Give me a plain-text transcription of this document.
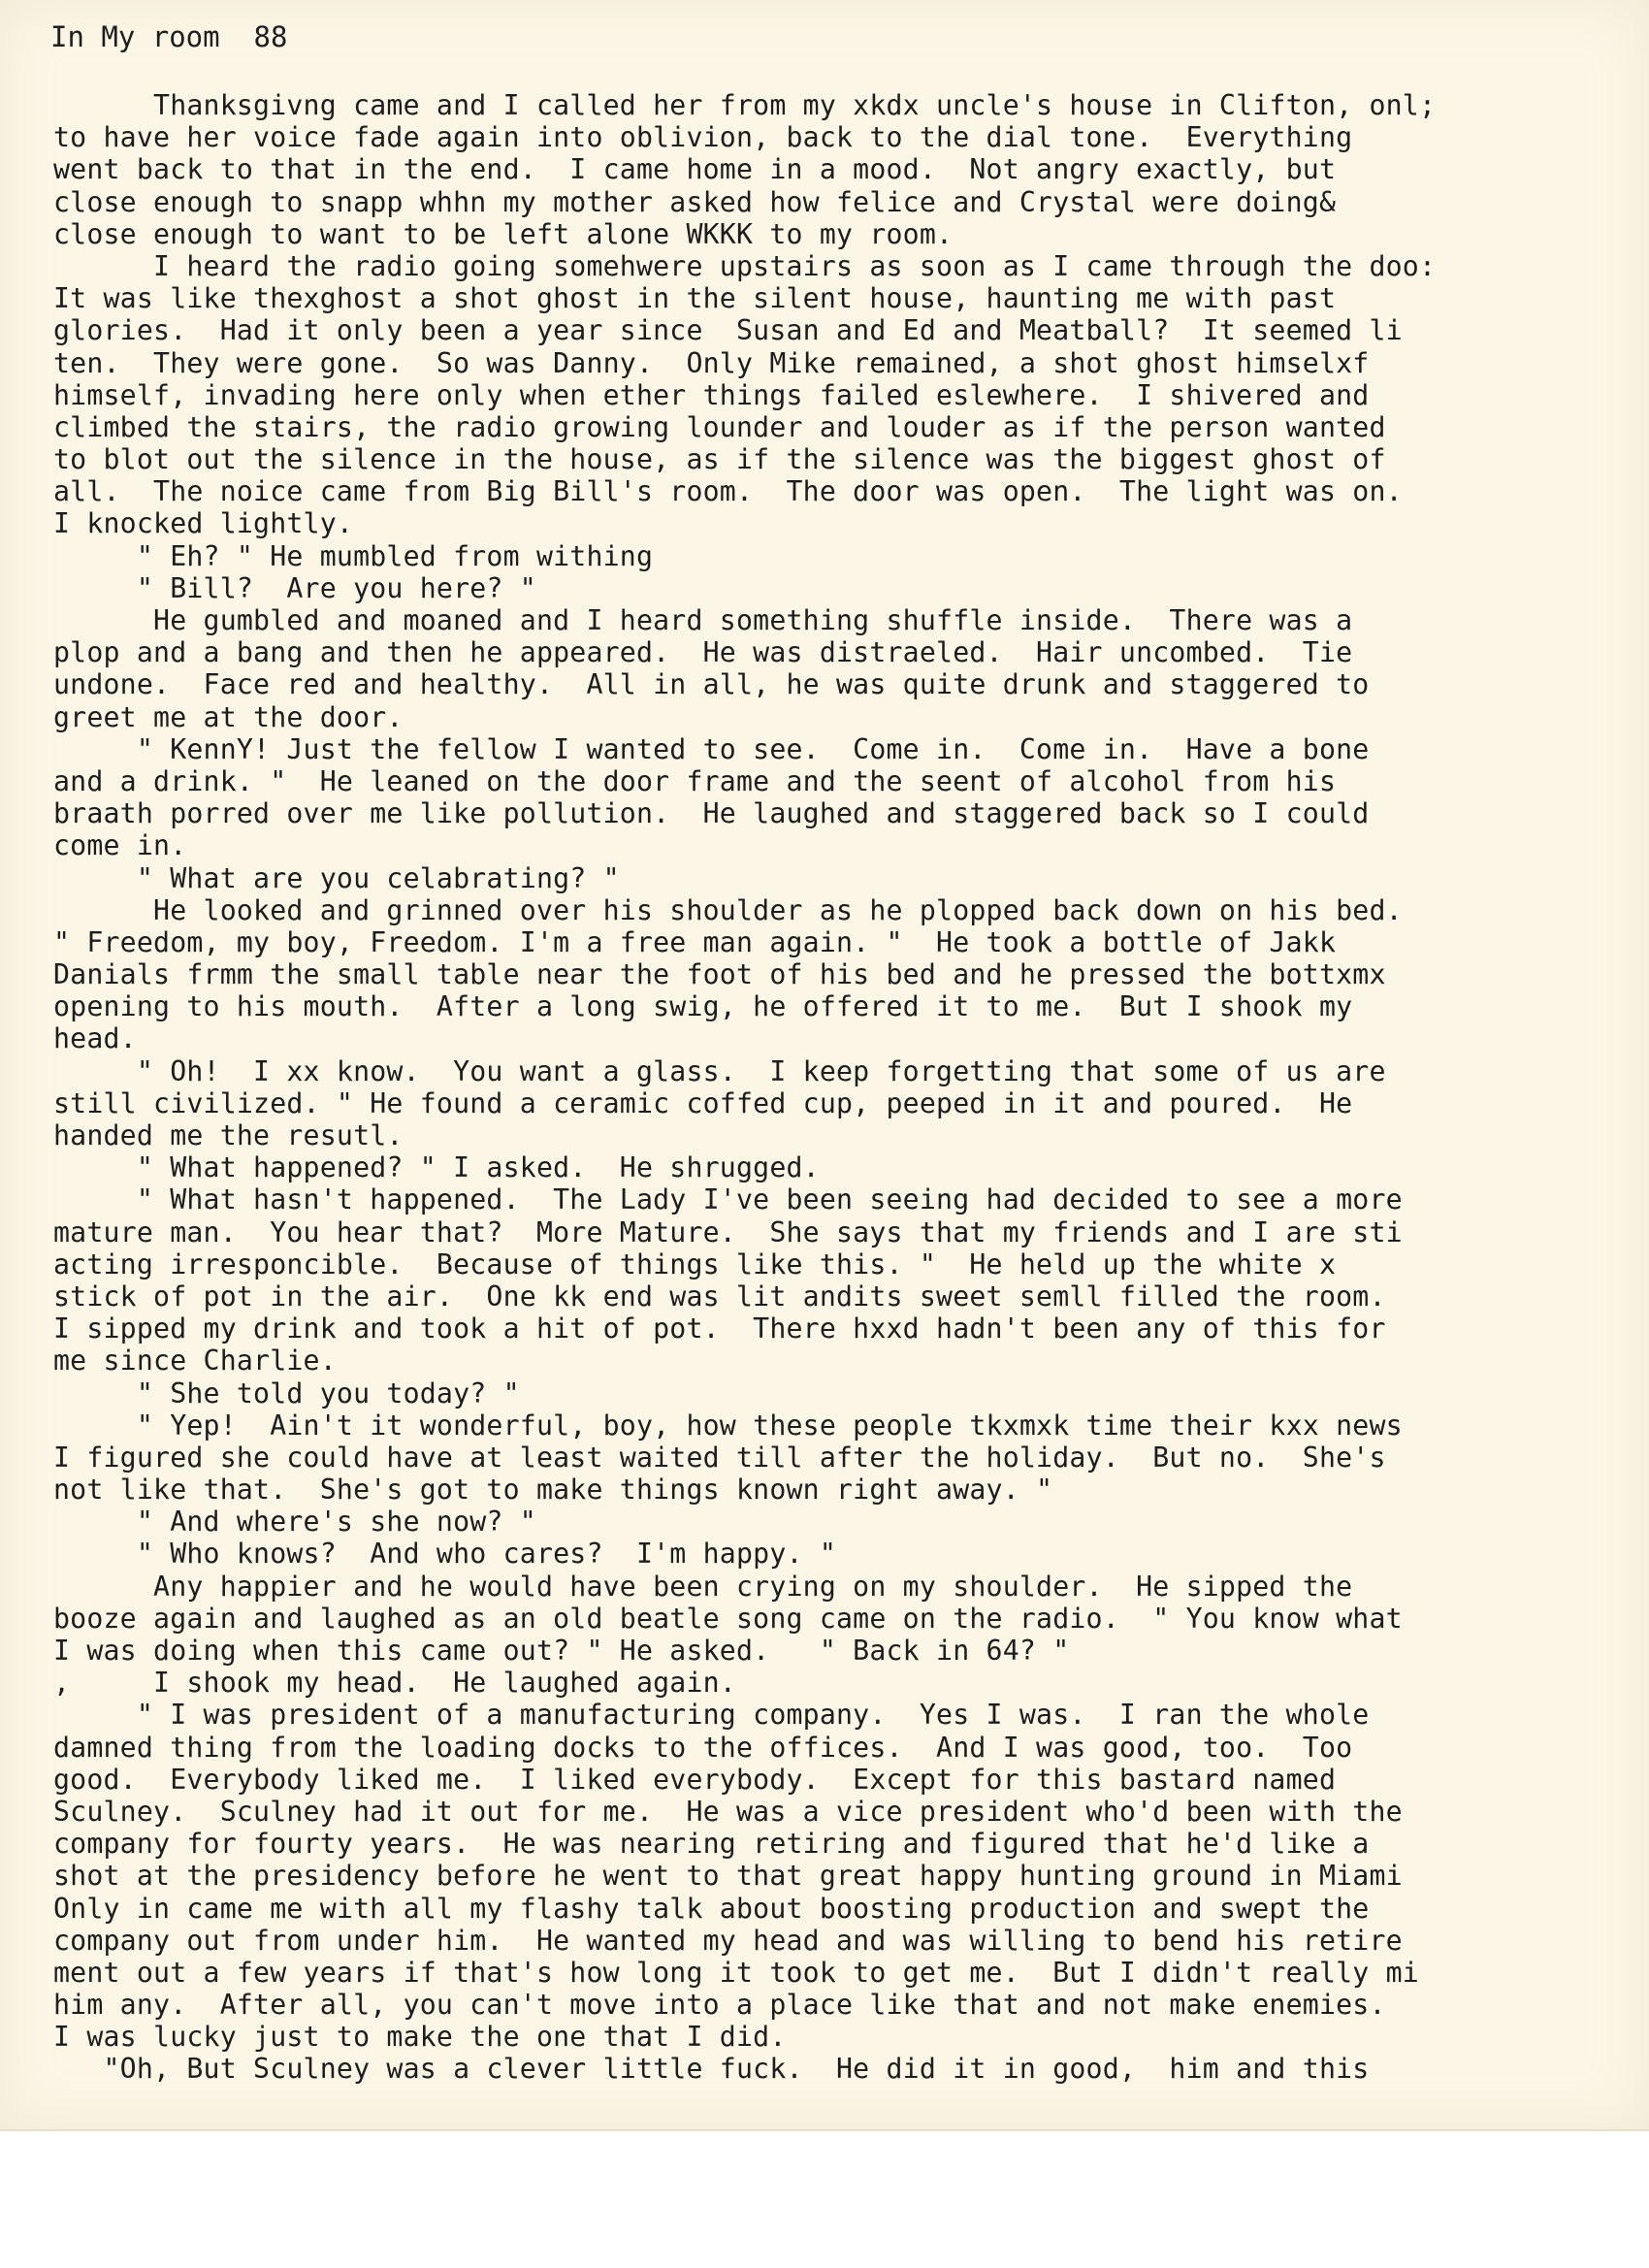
In My room  88
Thanksgivng came and I called her from my xkdx uncle's house in Clifton, onl;
to have her voice fade again into oblivion, back to the dial tone.  Everything
went back to that in the end.  I came home in a mood.  Not angry exactly, but
close enough to snapp whhn my mother asked how felice and Crystal were doing&
close enough to want to be left alone WKKK to my room.
I heard the radio going somehwere upstairs as soon as I came through the doo:
It was like thexghost a shot ghost in the silent house, haunting me with past
glories.  Had it only been a year since  Susan and Ed and Meatball?  It seemed li
ten.  They were gone.  So was Danny.  Only Mike remained, a shot ghost himselxf
himself, invading here only when ether things failed eslewhere.  I shivered and
climbed the stairs, the radio growing lounder and louder as if the person wanted
to blot out the silence in the house, as if the silence was the biggest ghost of
all.  The noice came from Big Bill's room.  The door was open.  The light was on.
I knocked lightly.
" Eh? " He mumbled from withing
" Bill?  Are you here? "
He gumbled and moaned and I heard something shuffle inside.  There was a
plop and a bang and then he appeared.  He was distraeled.  Hair uncombed.  Tie
undone.  Face red and healthy.  All in all, he was quite drunk and staggered to
greet me at the door.
" KennY! Just the fellow I wanted to see.  Come in.  Come in.  Have a bone
and a drink. "  He leaned on the door frame and the seent of alcohol from his
braath porred over me like pollution.  He laughed and staggered back so I could
come in.
" What are you celabrating? "
He looked and grinned over his shoulder as he plopped back down on his bed.
" Freedom, my boy, Freedom. I'm a free man again. "  He took a bottle of Jakk
Danials frmm the small table near the foot of his bed and he pressed the bottxmx
opening to his mouth.  After a long swig, he offered it to me.  But I shook my
head.
" Oh!  I xx know.  You want a glass.  I keep forgetting that some of us are
still civilized. " He found a ceramic coffed cup, peeped in it and poured.  He
handed me the resutl.
" What happened? " I asked.  He shrugged.
" What hasn't happened.  The Lady I've been seeing had decided to see a more
mature man.  You hear that?  More Mature.  She says that my friends and I are sti
acting irresponcible.  Because of things like this. "  He held up the white x
stick of pot in the air.  One kk end was lit andits sweet semll filled the room.
I sipped my drink and took a hit of pot.  There hxxd hadn't been any of this for
me since Charlie.
" She told you today? "
" Yep!  Ain't it wonderful, boy, how these people tkxmxk time their kxx news
I figured she could have at least waited till after the holiday.  But no.  She's
not like that.  She's got to make things known right away. "
" And where's she now? "
" Who knows?  And who cares?  I'm happy. "
Any happier and he would have been crying on my shoulder.  He sipped the
booze again and laughed as an old beatle song came on the radio.  " You know what
I was doing when this came out? " He asked.   " Back in 64? "
,     I shook my head.  He laughed again.
" I was president of a manufacturing company.  Yes I was.  I ran the whole
damned thing from the loading docks to the offices.  And I was good, too.  Too
good.  Everybody liked me.  I liked everybody.  Except for this bastard named
Sculney.  Sculney had it out for me.  He was a vice president who'd been with the
company for fourty years.  He was nearing retiring and figured that he'd like a
shot at the presidency before he went to that great happy hunting ground in Miami
Only in came me with all my flashy talk about boosting production and swept the
company out from under him.  He wanted my head and was willing to bend his retire
ment out a few years if that's how long it took to get me.  But I didn't really mi
him any.  After all, you can't move into a place like that and not make enemies.
I was lucky just to make the one that I did.
"Oh, But Sculney was a clever little fuck.  He did it in good,  him and this
